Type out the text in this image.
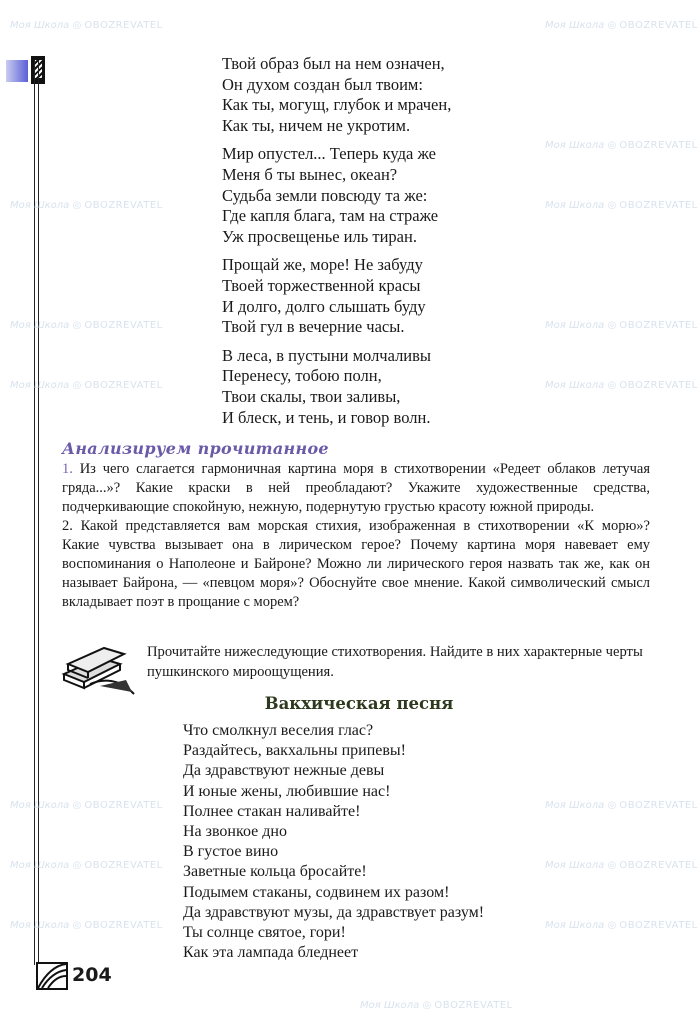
Моя Школа ◎ OBOZREVATEL	Моя Школа ◎ OBOZREVATEL
Моя Школа ◎ OBOZREVATEL
Моя Школа ◎ OBOZREVATEL	Моя Школа ◎ OBOZREVATEL
Моя Школа ◎ OBOZREVATEL	Моя Школа ◎ OBOZREVATEL
Моя Школа ◎ OBOZREVATEL	Моя Школа ◎ OBOZREVATEL
Моя Школа ◎ OBOZREVATEL
Моя Школа ◎ OBOZREVATEL
Моя Школа ◎ OBOZREVATEL	Моя Школа ◎ OBOZREVATEL
Моя Школа ◎ OBOZREVATEL	Моя Школа ◎ OBOZREVATEL
Моя Школа ◎ OBOZREVATEL
Твой образ был на нем означен,
Он духом создан был твоим:
Как ты, могущ, глубок и мрачен,
Как ты, ничем не укротим.
Мир опустел... Теперь куда же
Меня б ты вынес, океан?
Судьба земли повсюду та же:
Где капля блага, там на страже
Уж просвещенье иль тиран.
Прощай же, море! Не забуду
Твоей торжественной красы
И долго, долго слышать буду
Твой гул в вечерние часы.
В леса, в пустыни молчаливы
Перенесу, тобою полн,
Твои скалы, твои заливы,
И блеск, и тень, и говор волн.
Анализируем прочитанное

1. Из чего слагается гармоничная картина моря в стихотворении «Редеет облаков летучая гряда...»? Какие краски в ней преобладают? Укажите художественные средства, подчеркивающие спокойную, нежную, подернутую грустью красоту южной природы.

2. Какой представляется вам морская стихия, изображенная в стихотворении «К морю»? Какие чувства вызывает она в лирическом герое? Почему картина моря навевает ему воспоминания о Наполеоне и Байроне? Можно ли лирического героя назвать так же, как он называет Байрона, — «певцом моря»? Обоснуйте свое мнение. Какой символический смысл вкладывает поэт в прощание с морем?

Прочитайте нижеследующие стихотворения. Найдите в них характерные черты пушкинского мироощущения.
Вакхическая песня
Что смолкнул веселия глас?
Раздайтесь, вакхальны припевы!
Да здравствуют нежные девы
И юные жены, любившие нас!
Полнее стакан наливайте!
На звонкое дно
В густое вино
Заветные кольца бросайте!
Подымем стаканы, содвинем их разом!
Да здравствуют музы, да здравствует разум!
Ты солнце святое, гори!
Как эта лампада бледнеет
204
